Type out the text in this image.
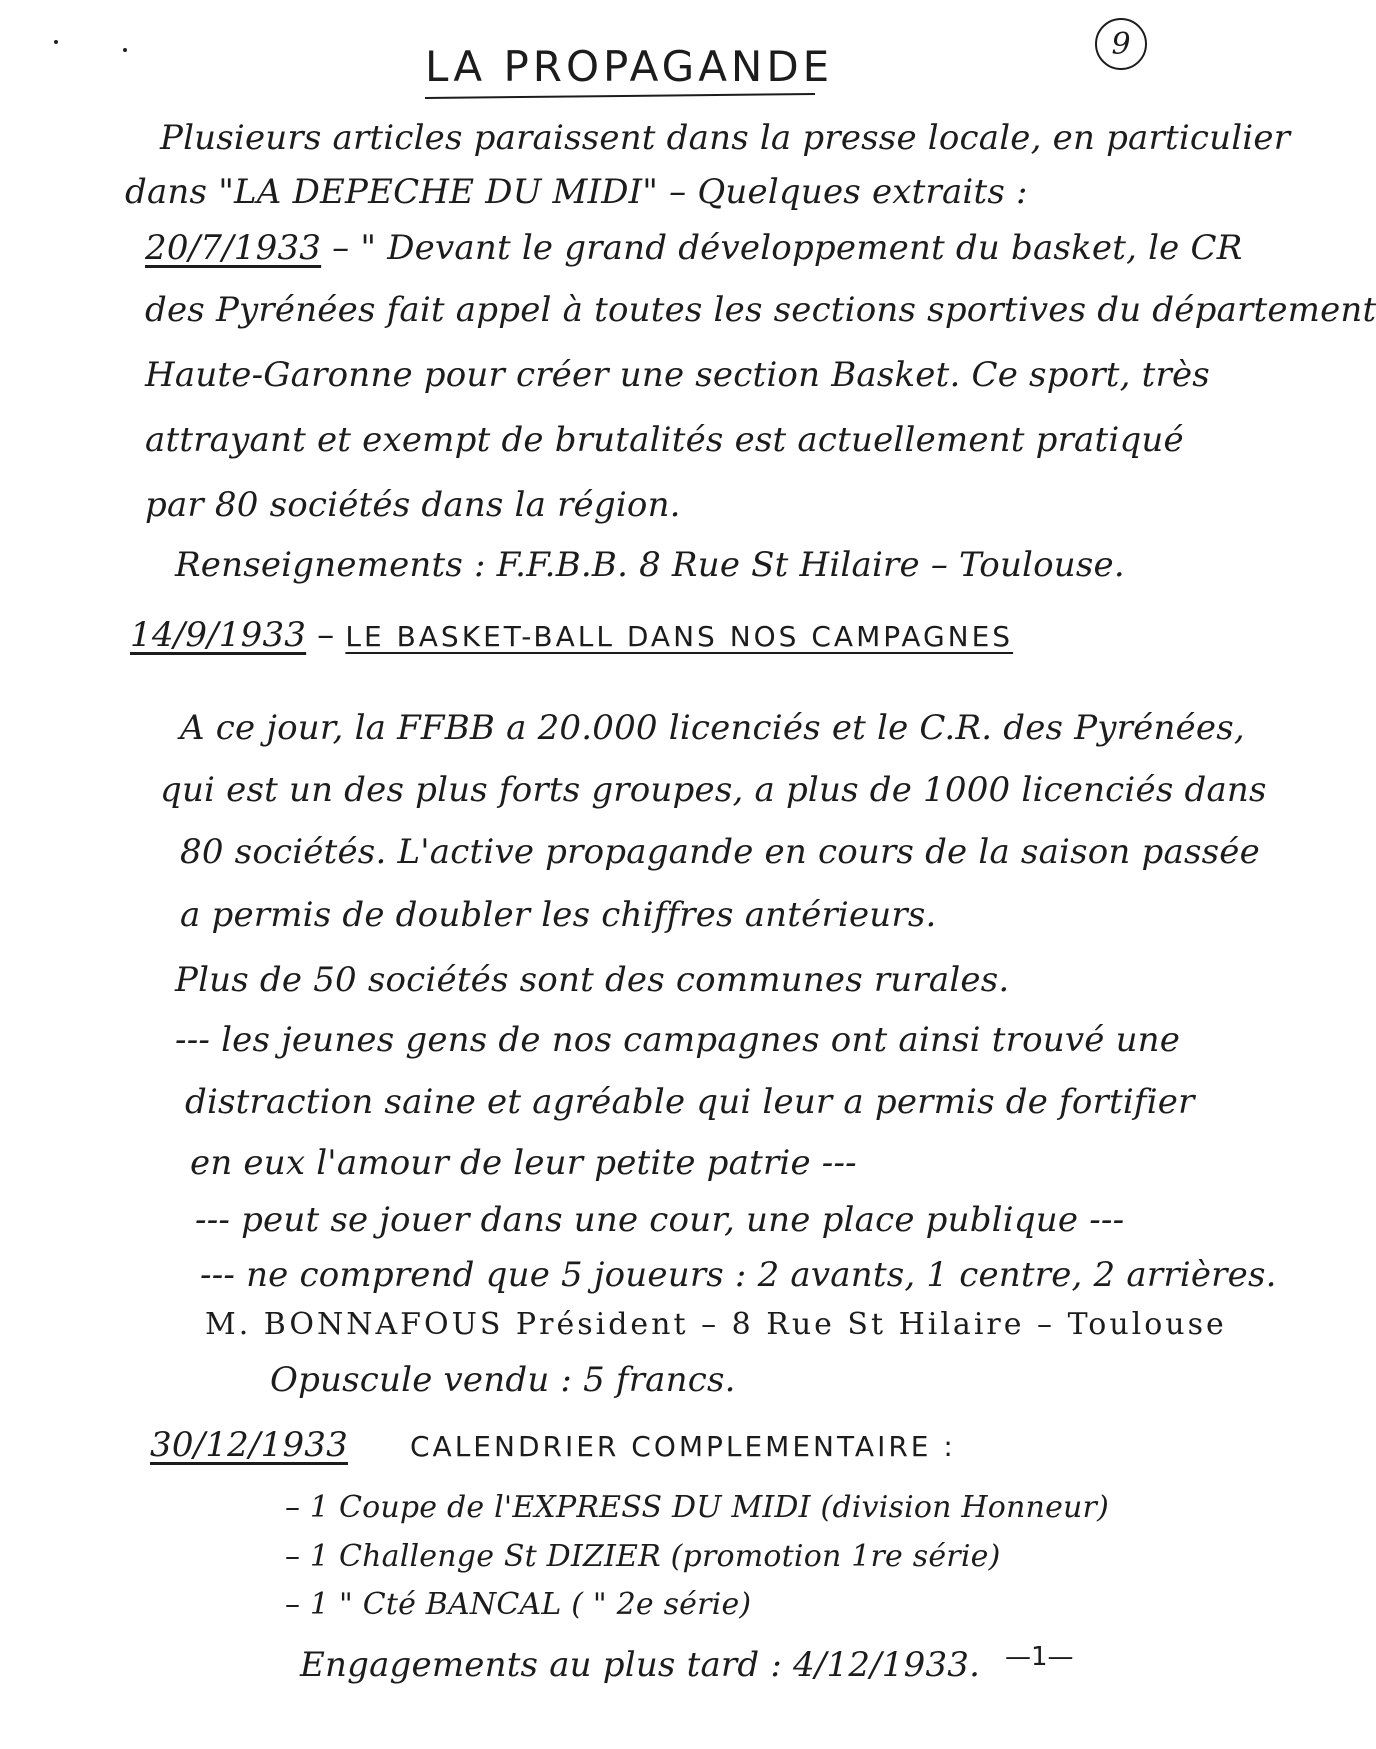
LA PROPAGANDE	9
Plusieurs articles paraissent dans la presse locale, en particulier
dans "LA DEPECHE DU MIDI" – Quelques extraits :
20/7/1933 – " Devant le grand développement du basket, le CR
des Pyrénées fait appel à toutes les sections sportives du département
Haute-Garonne pour créer une section Basket. Ce sport, très
attrayant et exempt de brutalités est actuellement pratiqué
par 80 sociétés dans la région.
Renseignements : F.F.B.B. 8 Rue St Hilaire – Toulouse.
14/9/1933 – LE BASKET-BALL DANS NOS CAMPAGNES
A ce jour, la FFBB a 20.000 licenciés et le C.R. des Pyrénées,
qui est un des plus forts groupes, a plus de 1000 licenciés dans
80 sociétés. L'active propagande en cours de la saison passée
a permis de doubler les chiffres antérieurs.
Plus de 50 sociétés sont des communes rurales.
--- les jeunes gens de nos campagnes ont ainsi trouvé une
distraction saine et agréable qui leur a permis de fortifier
en eux l'amour de leur petite patrie ---
--- peut se jouer dans une cour, une place publique ---
--- ne comprend que 5 joueurs : 2 avants, 1 centre, 2 arrières.
M. BONNAFOUS Président – 8 Rue St Hilaire – Toulouse
Opuscule vendu : 5 francs.
30/12/1933 CALENDRIER COMPLEMENTAIRE :
– 1 Coupe de l'EXPRESS DU MIDI (division Honneur)
– 1 Challenge St DIZIER (promotion 1re série)
– 1 " Cté BANCAL ( " 2e série)
Engagements au plus tard : 4/12/1933. —1—
